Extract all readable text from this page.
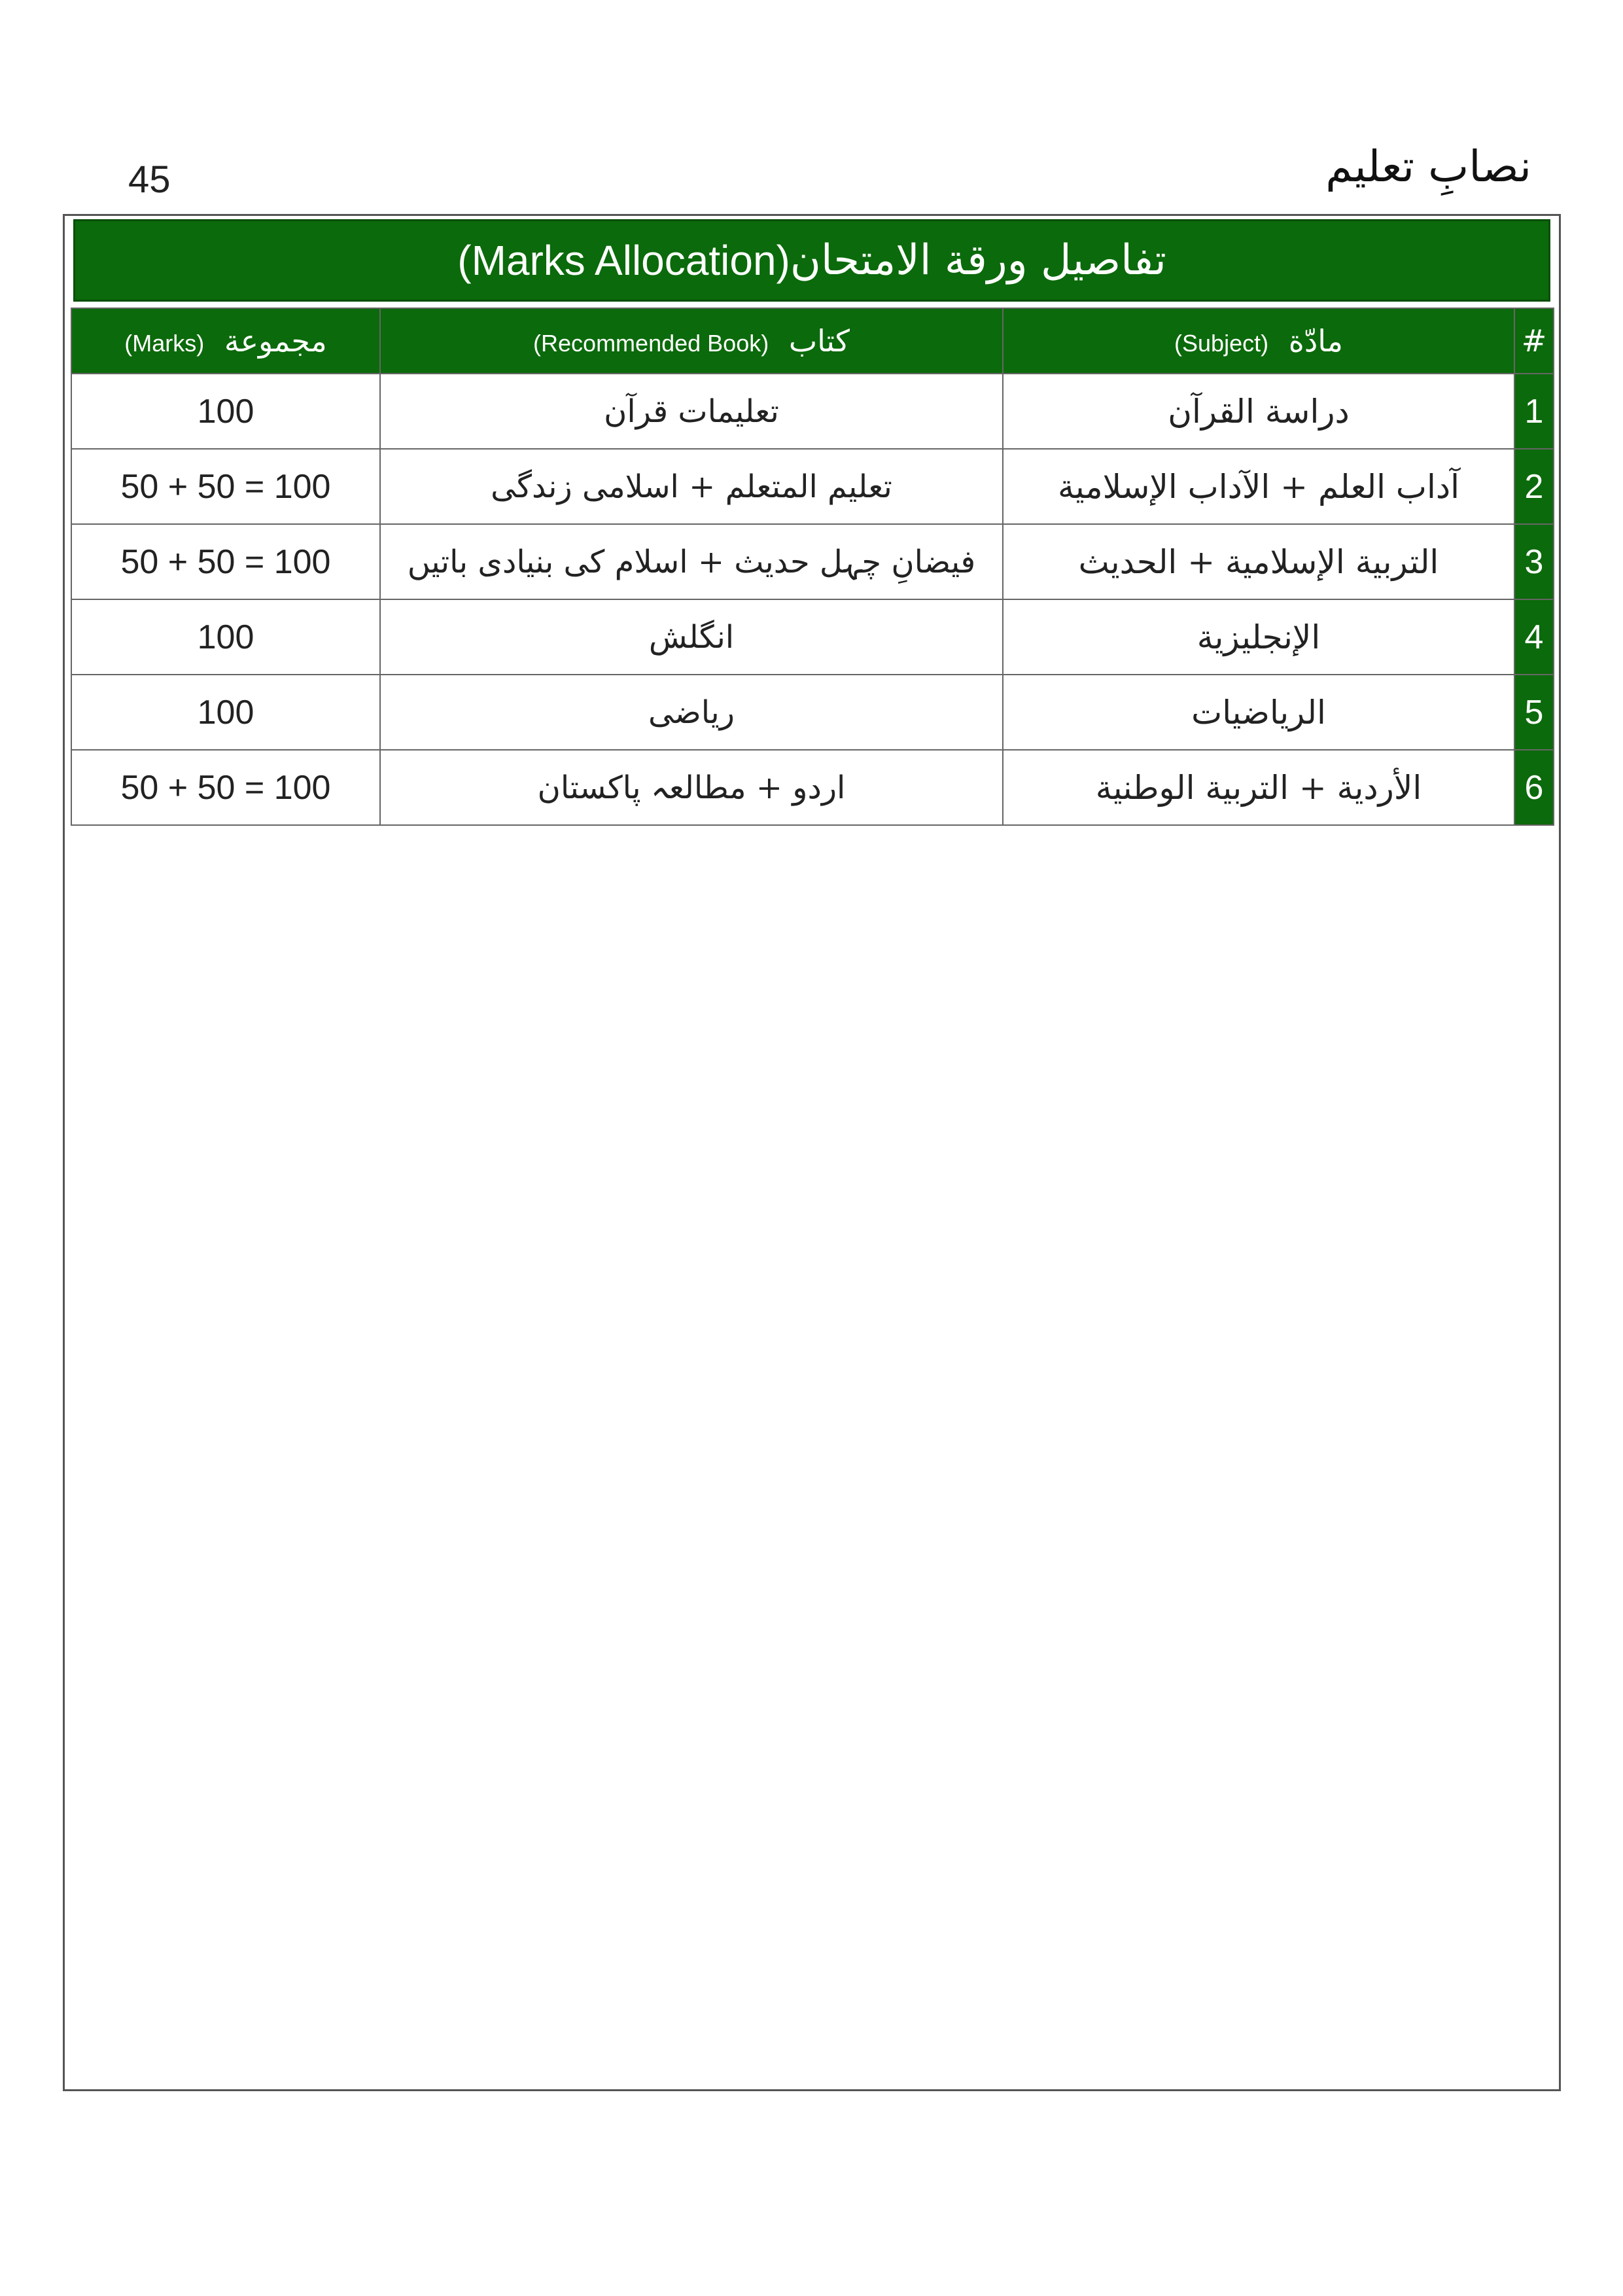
45	نصابِ تعلیم
تفاصيل ورقة الامتحان
(Marks Allocation)
#	مادّة (Subject)	كتاب (Recommended Book)	مجموعة (Marks)
1	دراسة القرآن	تعلیمات قرآن	100
2	آداب العلم + الآداب الإسلامية	تعليم المتعلم + اسلامی زندگی	50 + 50 = 100
3	التربية الإسلامية + الحديث	فیضانِ چہل حدیث + اسلام کی بنیادی باتیں	50 + 50 = 100
4	الإنجليزية	انگلش	100
5	الرياضيات	ریاضی	100
6	الأردية + التربية الوطنية	اردو + مطالعہ پاکستان	50 + 50 = 100
